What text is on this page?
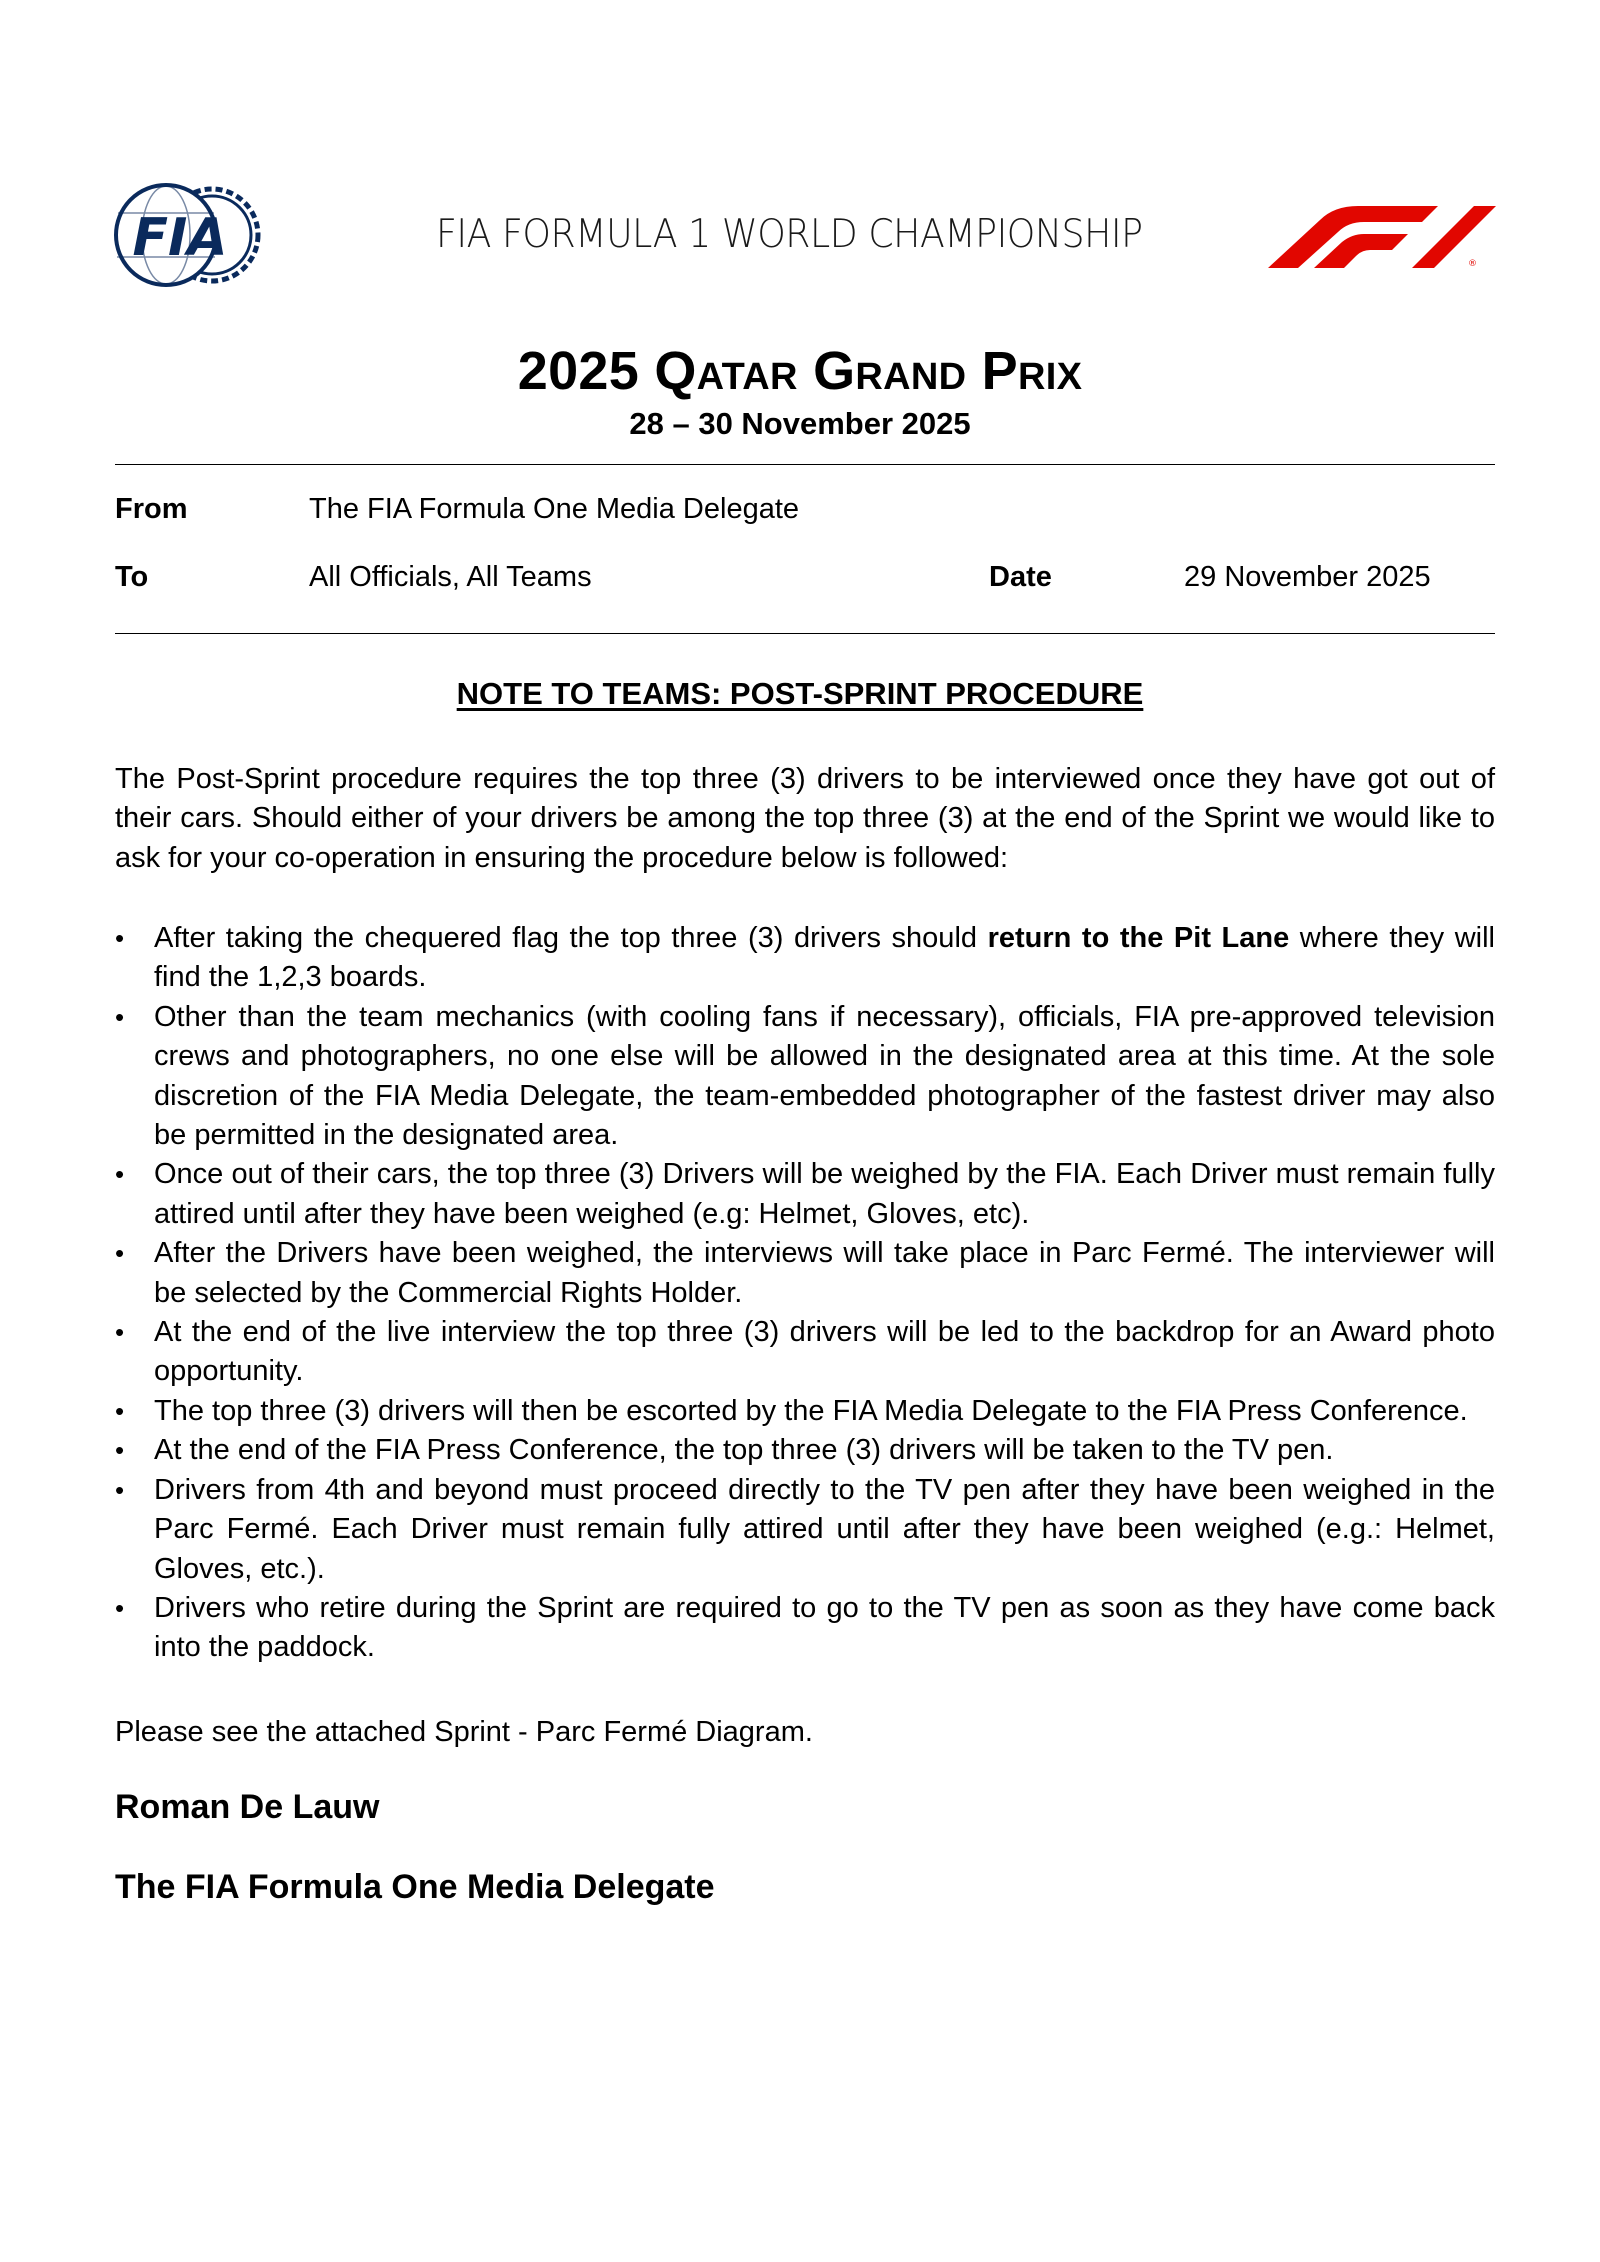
FIA	FIA FORMULA 1 WORLD CHAMPIONSHIP
®
F1
2025 Qatar Grand Prix
28 – 30 November 2025
From	The FIA Formula One Media Delegate
To	All Officials, All Teams	Date	29 November 2025
NOTE TO TEAMS: POST-SPRINT PROCEDURE

The Post-Sprint procedure requires the top three (3) drivers to be interviewed once they have got out of their cars. Should either of your drivers be among the top three (3) at the end of the Sprint we would like to ask for your co-operation in ensuring the procedure below is followed:

•	After taking the chequered flag the top three (3) drivers should return to the Pit Lane where they will find the 1,2,3 boards.
•	Other than the team mechanics (with cooling fans if necessary), officials, FIA pre-approved television crews and photographers, no one else will be allowed in the designated area at this time. At the sole discretion of the FIA Media Delegate, the team-embedded photographer of the fastest driver may also be permitted in the designated area.
•	Once out of their cars, the top three (3) Drivers will be weighed by the FIA. Each Driver must remain fully attired until after they have been weighed (e.g: Helmet, Gloves, etc).
•	After the Drivers have been weighed, the interviews will take place in Parc Fermé. The interviewer will be selected by the Commercial Rights Holder.
•	At the end of the live interview the top three (3) drivers will be led to the backdrop for an Award photo opportunity.
•	The top three (3) drivers will then be escorted by the FIA Media Delegate to the FIA Press Conference.
•	At the end of the FIA Press Conference, the top three (3) drivers will be taken to the TV pen.
•	Drivers from 4th and beyond must proceed directly to the TV pen after they have been weighed in the Parc Fermé. Each Driver must remain fully attired until after they have been weighed (e.g.: Helmet, Gloves, etc.).
•	Drivers who retire during the Sprint are required to go to the TV pen as soon as they have come back into the paddock.

Please see the attached Sprint - Parc Fermé Diagram.

Roman De Lauw
The FIA Formula One Media Delegate
